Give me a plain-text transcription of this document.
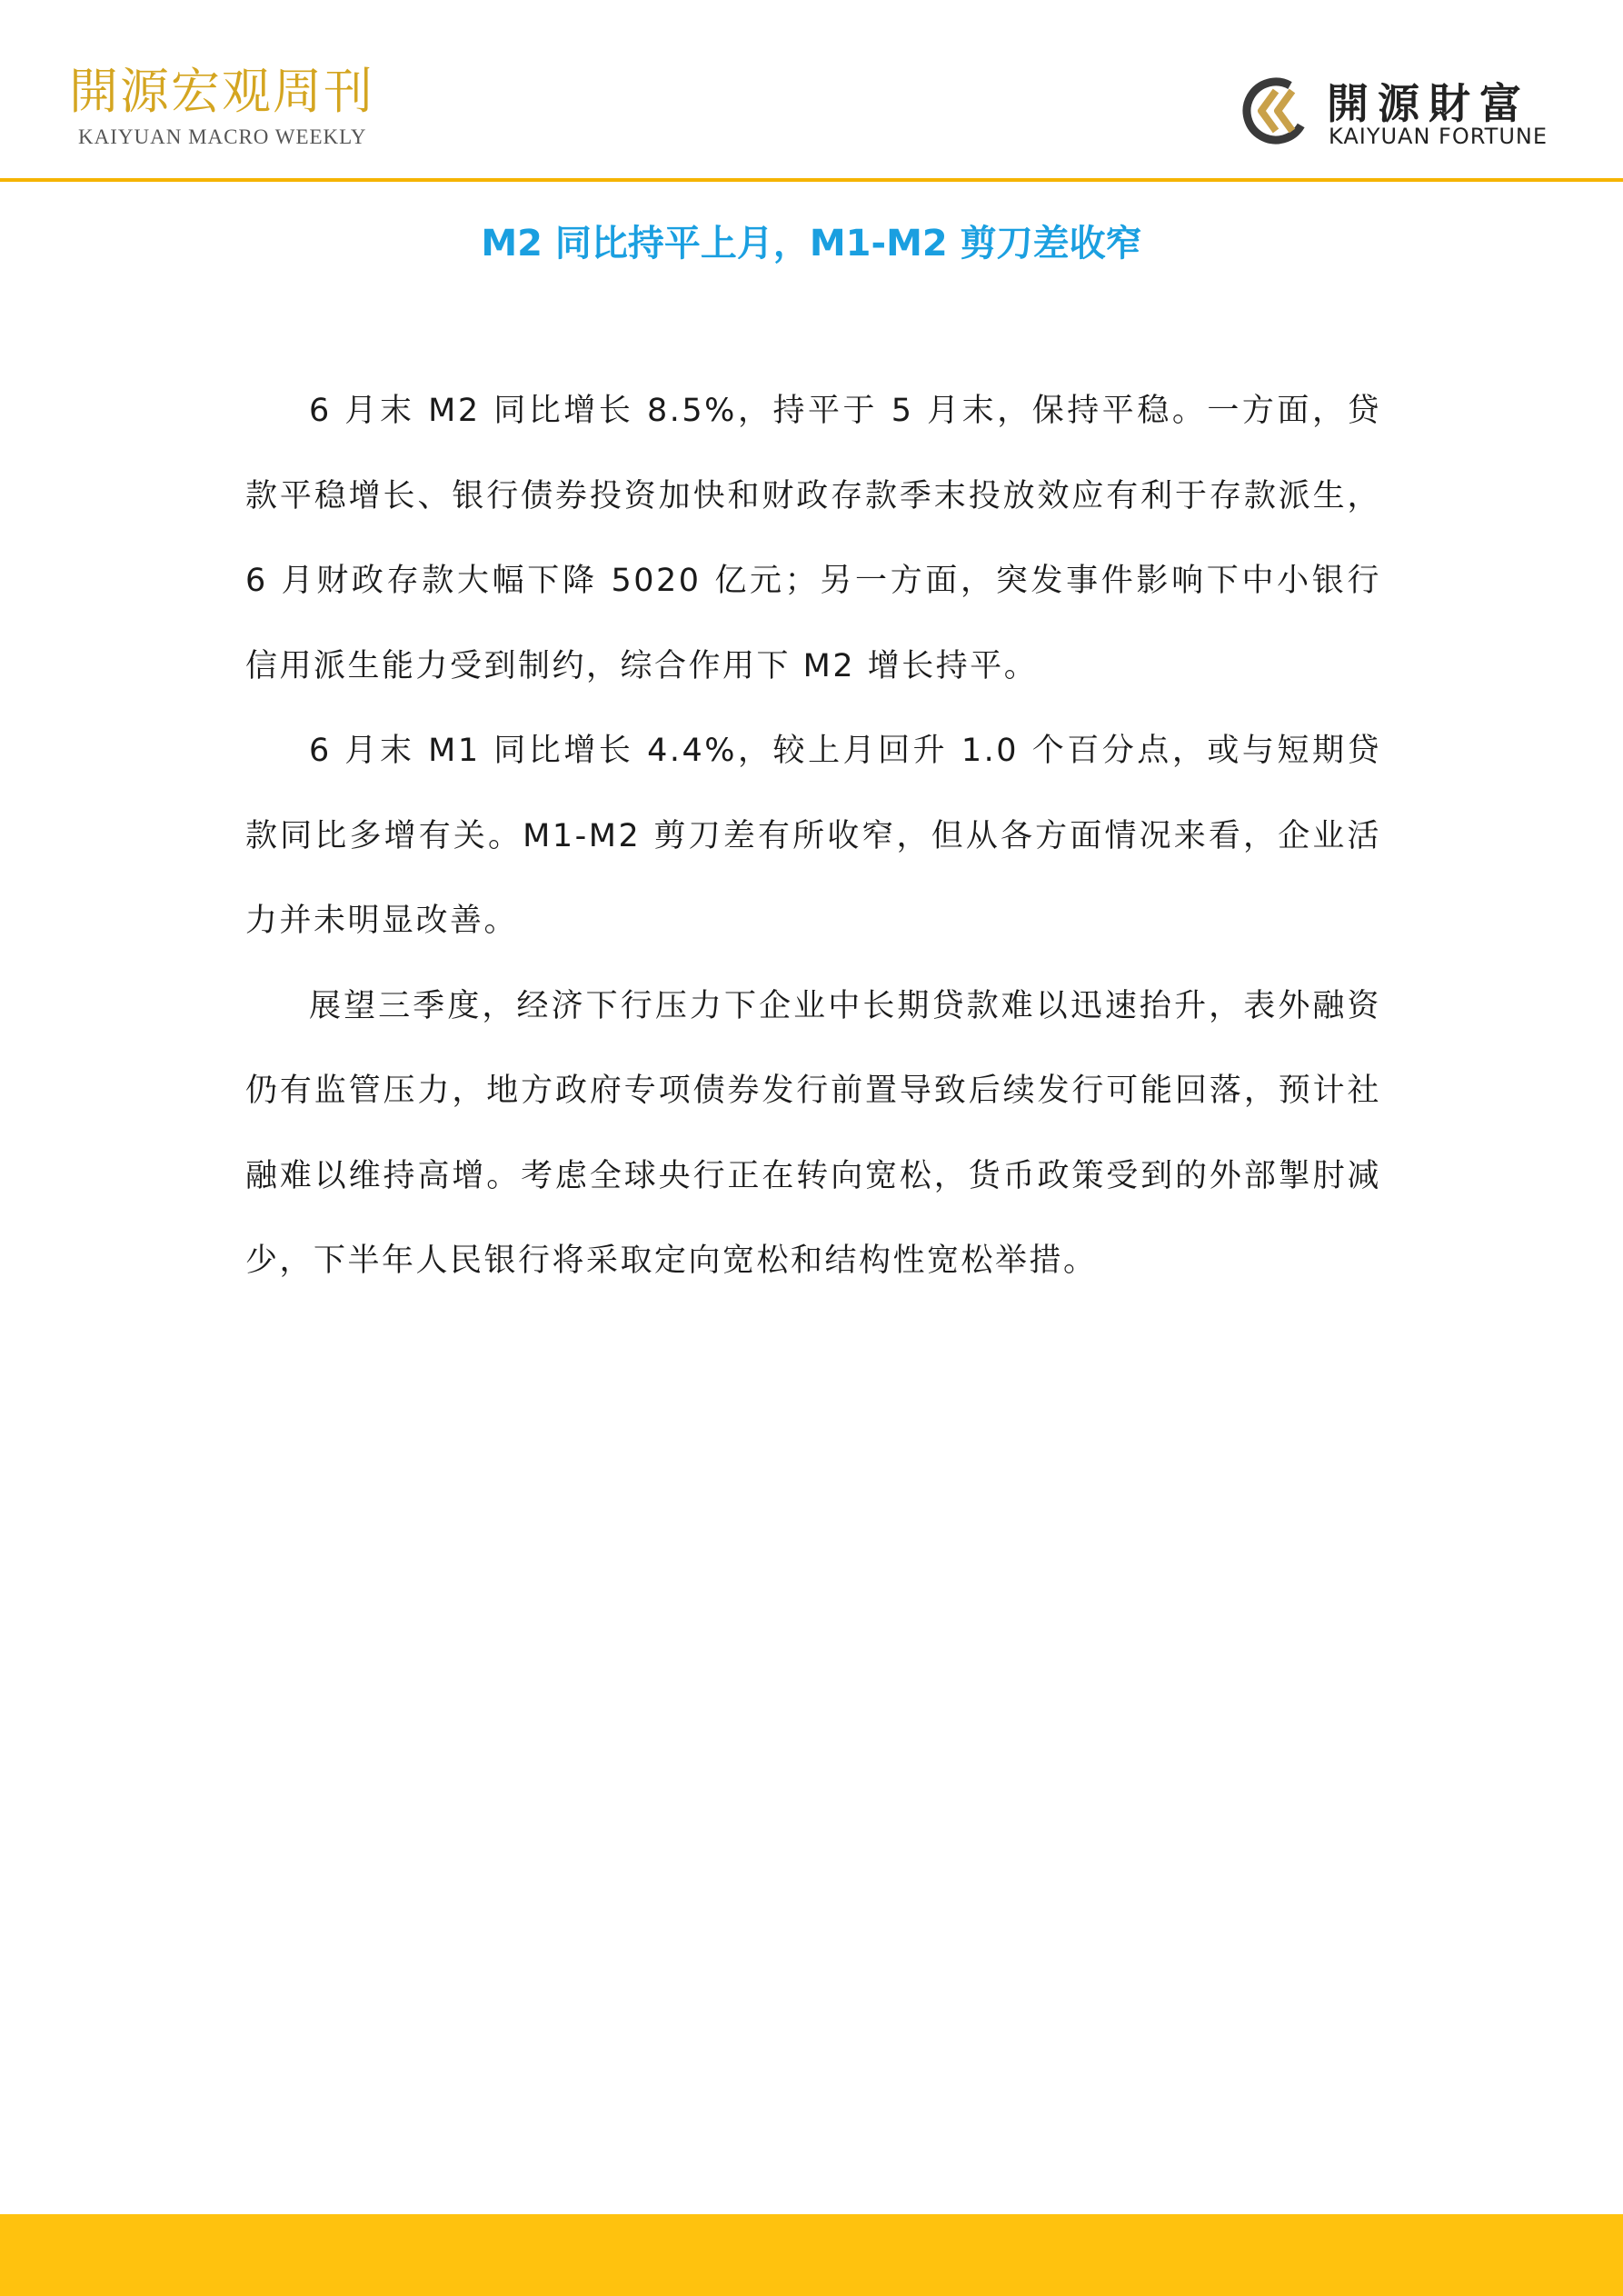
開源宏观周刊
KAIYUAN MACRO WEEKLY
開源財富
KAIYUAN FORTUNE
M2 同比持平上月，M1-M2 剪刀差收窄

6 月末 M2 同比增长 8.5%，持平于 5 月末，保持平稳。一方面，贷款平稳增长、银行债券投资加快和财政存款季末投放效应有利于存款派生，6 月财政存款大幅下降 5020 亿元；另一方面，突发事件影响下中小银行信用派生能力受到制约，综合作用下 M2 增长持平。

6 月末 M1 同比增长 4.4%，较上月回升 1.0 个百分点，或与短期贷款同比多增有关。M1-M2 剪刀差有所收窄，但从各方面情况来看，企业活力并未明显改善。

展望三季度，经济下行压力下企业中长期贷款难以迅速抬升，表外融资仍有监管压力，地方政府专项债券发行前置导致后续发行可能回落，预计社融难以维持高增。考虑全球央行正在转向宽松，货币政策受到的外部掣肘减少，下半年人民银行将采取定向宽松和结构性宽松举措。
